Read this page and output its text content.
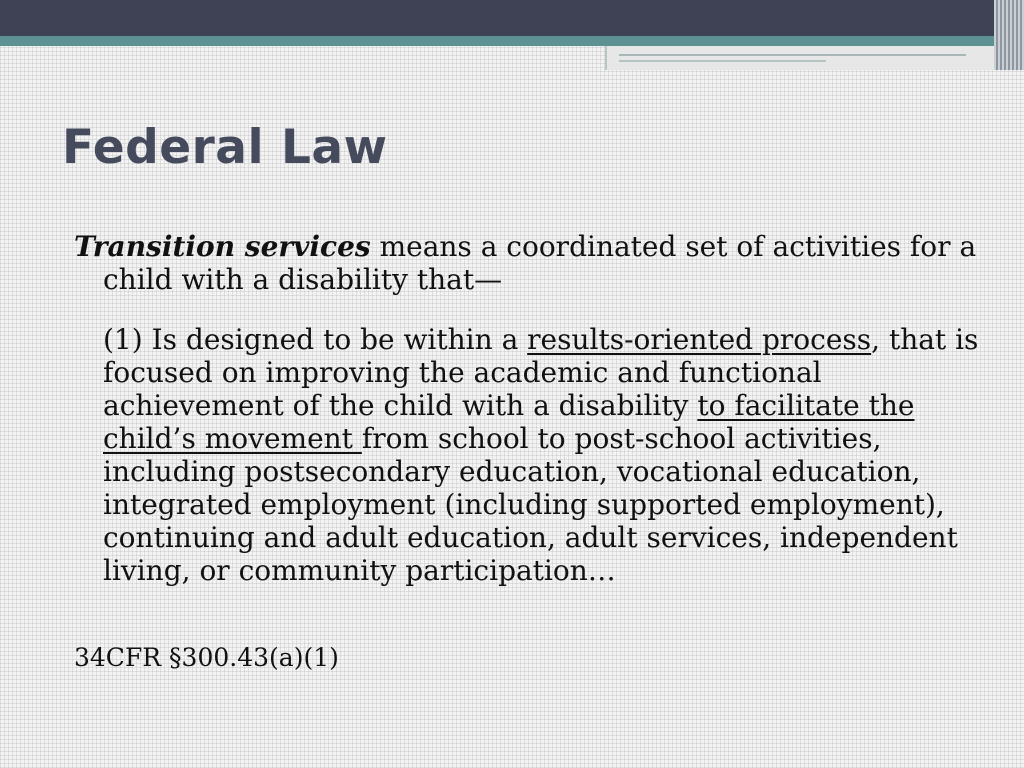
Federal Law

Transition services means a coordinated set of activities for a child with a disability that—

(1) Is designed to be within a results-oriented process, that is focused on improving the academic and functional achievement of the child with a disability to facilitate the child’s movement from school to post-school activities, including postsecondary education, vocational education, integrated employment (including supported employment), continuing and adult education, adult services, independent living, or community participation…

34CFR §300.43(a)(1)
